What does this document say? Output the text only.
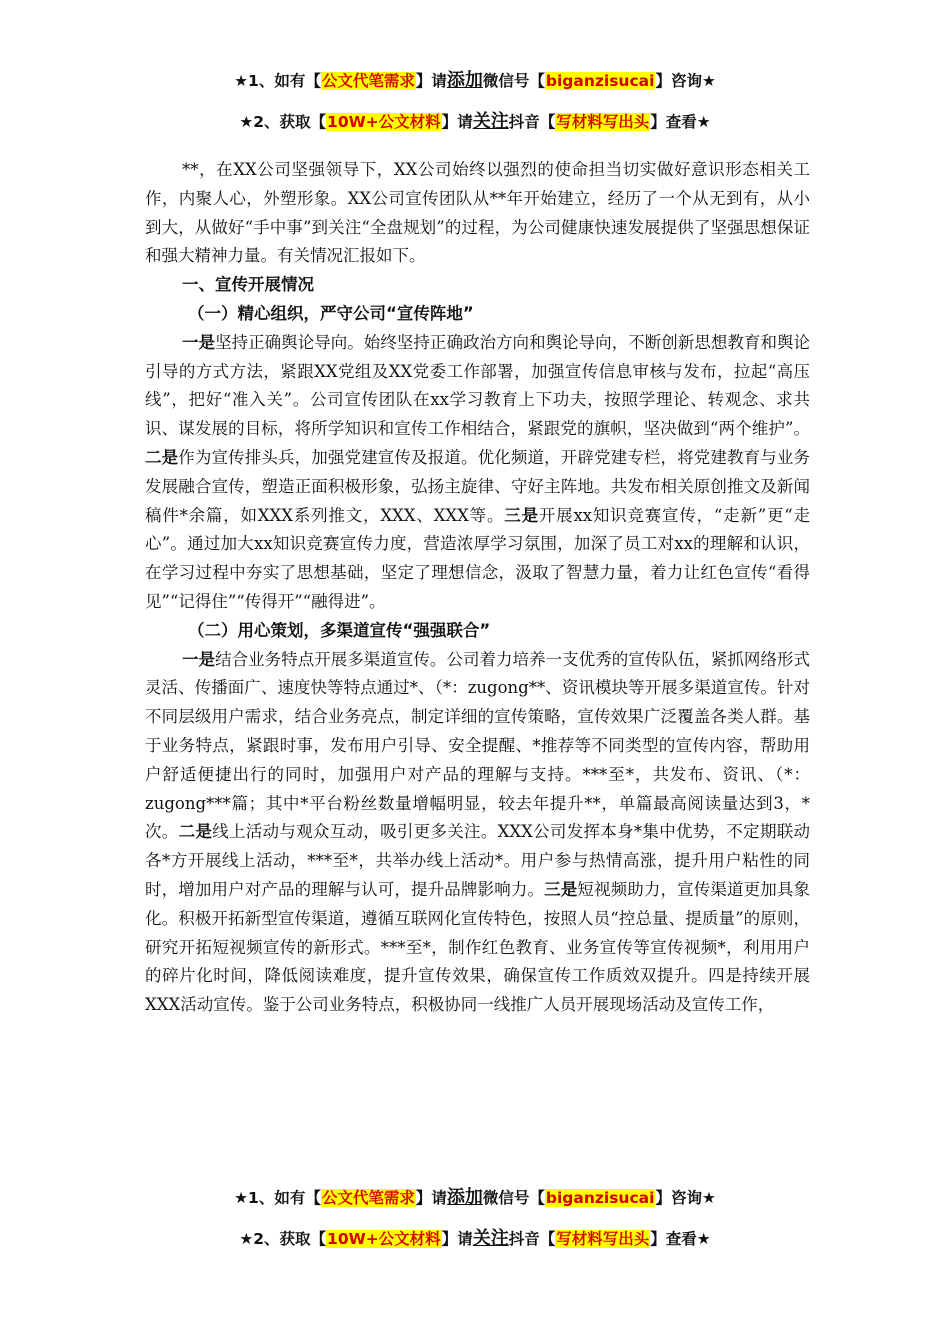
★1、如有【公文代笔需求】请添加微信号【biganzisucai】咨询★
★2、获取【10W+公文材料】请关注抖音【写材料写出头】查看★

**，在XX公司坚强领导下，XX公司始终以强烈的使命担当切实做好意识形态相关工作，内聚人心，外塑形象。XX公司宣传团队从**年开始建立，经历了一个从无到有，从小到大，从做好“手中事”到关注“全盘规划”的过程，为公司健康快速发展提供了坚强思想保证和强大精神力量。有关情况汇报如下。

一、宣传开展情况

（一）精心组织，严守公司“宣传阵地”

一是坚持正确舆论导向。始终坚持正确政治方向和舆论导向，不断创新思想教育和舆论引导的方式方法，紧跟XX党组及XX党委工作部署，加强宣传信息审核与发布，拉起“高压线”，把好“准入关”。公司宣传团队在xx学习教育上下功夫，按照学理论、转观念、求共识、谋发展的目标，将所学知识和宣传工作相结合，紧跟党的旗帜，坚决做到“两个维护”。二是作为宣传排头兵，加强党建宣传及报道。优化频道，开辟党建专栏，将党建教育与业务发展融合宣传，塑造正面积极形象，弘扬主旋律、守好主阵地。共发布相关原创推文及新闻稿件*余篇，如XXX系列推文，XXX、XXX等。三是开展xx知识竞赛宣传，“走新”更“走心”。通过加大xx知识竞赛宣传力度，营造浓厚学习氛围，加深了员工对xx的理解和认识，在学习过程中夯实了思想基础，坚定了理想信念，汲取了智慧力量，着力让红色宣传“看得见”“记得住”“传得开”“融得进”。

（二）用心策划，多渠道宣传“强强联合”

一是结合业务特点开展多渠道宣传。公司着力培养一支优秀的宣传队伍，紧抓网络形式灵活、传播面广、速度快等特点通过*、（*：zugong**、资讯模块等开展多渠道宣传。针对不同层级用户需求，结合业务亮点，制定详细的宣传策略，宣传效果广泛覆盖各类人群。基于业务特点，紧跟时事，发布用户引导、安全提醒、*推荐等不同类型的宣传内容，帮助用户舒适便捷出行的同时，加强用户对产品的理解与支持。***至*，共发布、资讯、（*：zugong***篇；其中*平台粉丝数量增幅明显，较去年提升**，单篇最高阅读量达到3，*次。二是线上活动与观众互动，吸引更多关注。XXX公司发挥本身*集中优势，不定期联动各*方开展线上活动，***至*，共举办线上活动*。用户参与热情高涨，提升用户粘性的同时，增加用户对产品的理解与认可，提升品牌影响力。三是短视频助力，宣传渠道更加具象化。积极开拓新型宣传渠道，遵循互联网化宣传特色，按照人员“控总量、提质量”的原则，研究开拓短视频宣传的新形式。***至*，制作红色教育、业务宣传等宣传视频*，利用用户的碎片化时间，降低阅读难度，提升宣传效果，确保宣传工作质效双提升。四是持续开展XXX活动宣传。鉴于公司业务特点，积极协同一线推广人员开展现场活动及宣传工作，

★1、如有【公文代笔需求】请添加微信号【biganzisucai】咨询★
★2、获取【10W+公文材料】请关注抖音【写材料写出头】查看★
